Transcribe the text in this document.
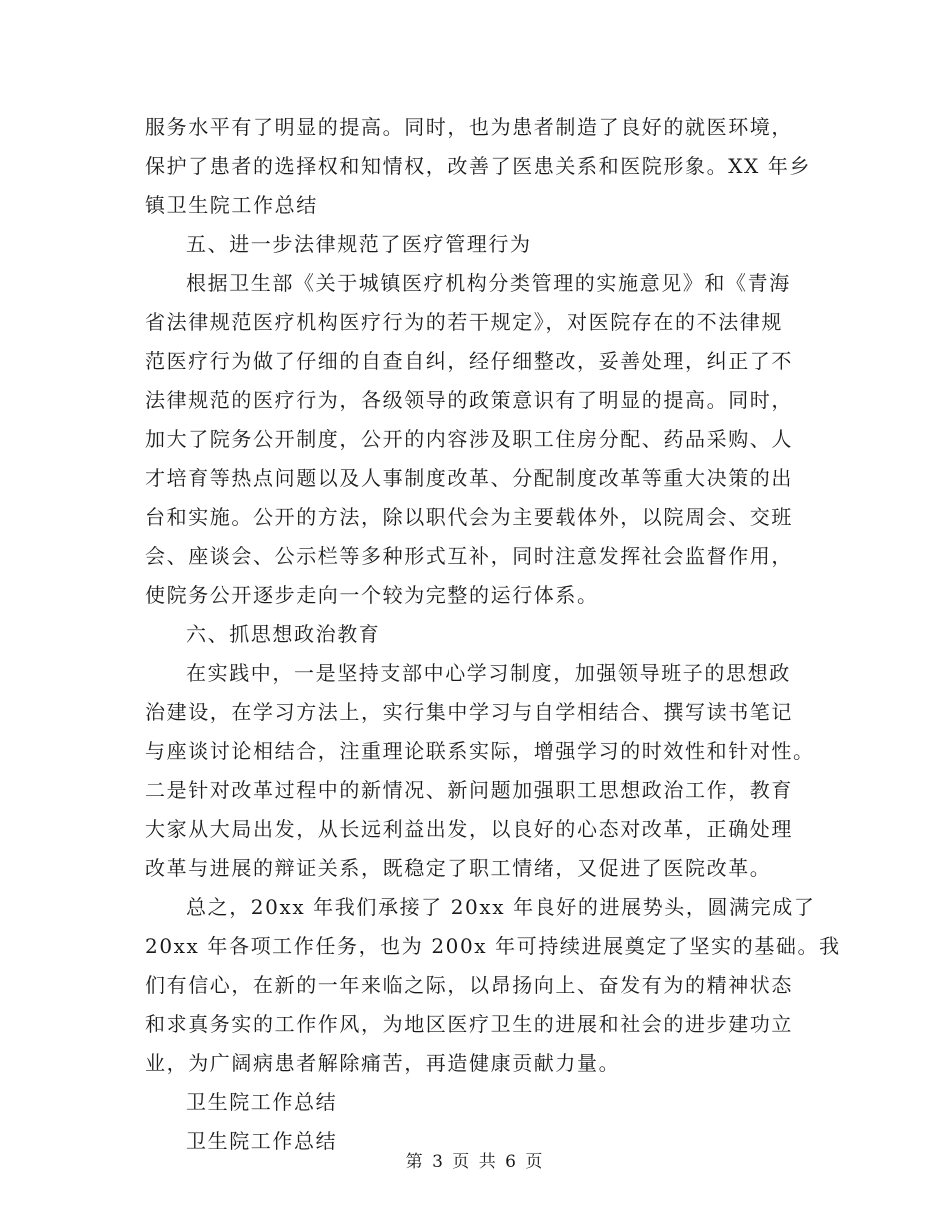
服务水平有了明显的提高。同时，也为患者制造了良好的就医环境，
保护了患者的选择权和知情权，改善了医患关系和医院形象。XX 年乡
镇卫生院工作总结
五、进一步法律规范了医疗管理行为
根据卫生部《关于城镇医疗机构分类管理的实施意见》和《青海
省法律规范医疗机构医疗行为的若干规定》，对医院存在的不法律规
范医疗行为做了仔细的自查自纠，经仔细整改，妥善处理，纠正了不
法律规范的医疗行为，各级领导的政策意识有了明显的提高。同时，
加大了院务公开制度，公开的内容涉及职工住房分配、药品采购、人
才培育等热点问题以及人事制度改革、分配制度改革等重大决策的出
台和实施。公开的方法，除以职代会为主要载体外，以院周会、交班
会、座谈会、公示栏等多种形式互补，同时注意发挥社会监督作用，
使院务公开逐步走向一个较为完整的运行体系。
六、抓思想政治教育
在实践中，一是坚持支部中心学习制度，加强领导班子的思想政
治建设，在学习方法上，实行集中学习与自学相结合、撰写读书笔记
与座谈讨论相结合，注重理论联系实际，增强学习的时效性和针对性。
二是针对改革过程中的新情况、新问题加强职工思想政治工作，教育
大家从大局出发，从长远利益出发，以良好的心态对改革，正确处理
改革与进展的辩证关系，既稳定了职工情绪，又促进了医院改革。
总之，20xx 年我们承接了 20xx 年良好的进展势头，圆满完成了
20xx 年各项工作任务，也为 200x 年可持续进展奠定了坚实的基础。我
们有信心，在新的一年来临之际，以昂扬向上、奋发有为的精神状态
和求真务实的工作作风，为地区医疗卫生的进展和社会的进步建功立
业，为广阔病患者解除痛苦，再造健康贡献力量。
卫生院工作总结
卫生院工作总结
第 3 页 共 6 页
